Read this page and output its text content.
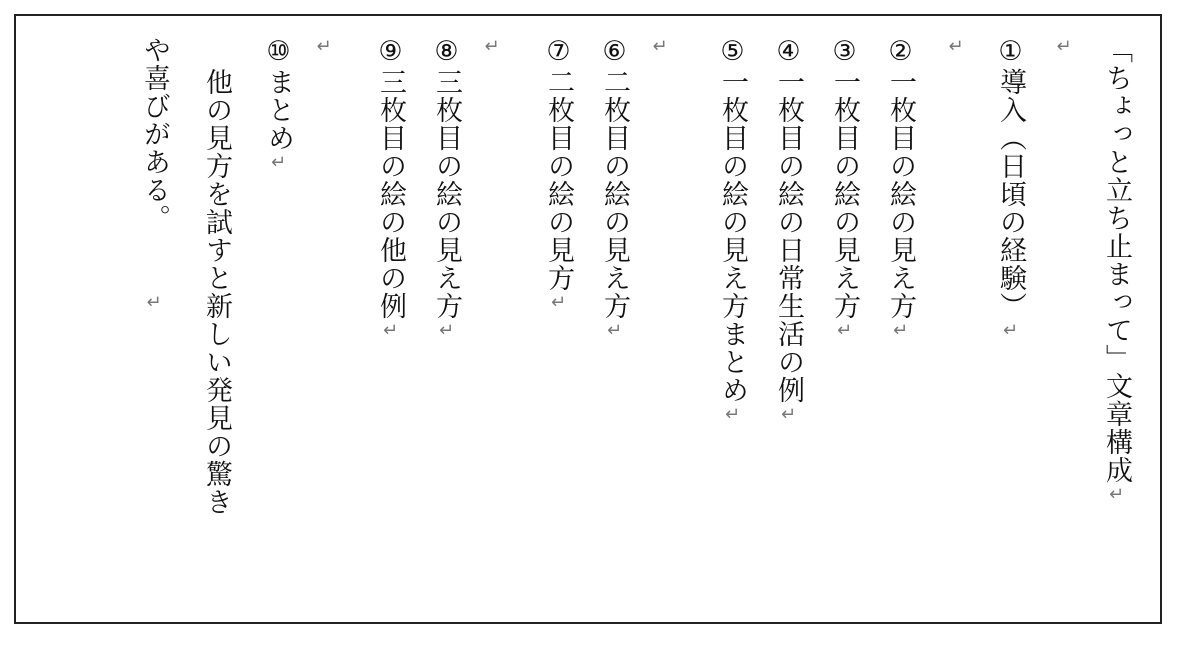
「ちょっと立ち止まって」文章構成↵
↵
↵
↵
↵
↵	①導入（日頃の経験）↵
②一枚目の絵の見え方↵
③一枚目の絵の見え方↵
④一枚目の絵の日常生活の例↵
⑤一枚目の絵の見え方まとめ↵
⑥二枚目の絵の見え方↵
⑦二枚目の絵の見方↵
⑧三枚目の絵の見え方↵
⑨三枚目の絵の他の例↵
⑩まとめ↵
他の見方を試すと新しい発見の驚き
や喜びがある。
↵
